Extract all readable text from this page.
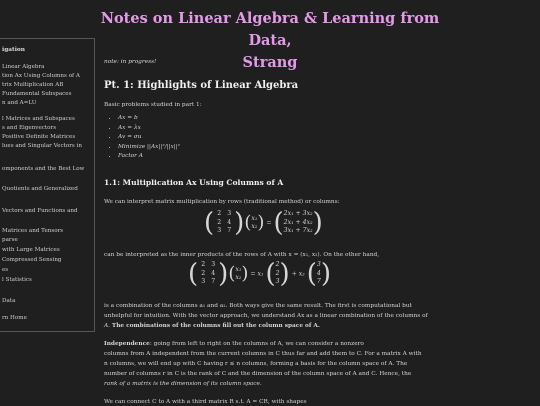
Notes on Linear Algebra & Learning from Data,
Strang
igation
Linear Algebra
tion Ax Using Columns of A
trix Multiplication AB
Fundamental Subspaces
n and A=LU
l Matrices and Subspaces
s and Eigenvectors
Positive Definite Matrices
lues and Singular Vectors in
omponents and the Best Low
Quotients and Generalized
Vectors and Functions and
Matrices and Tensors
parse
with Large Matrices
Compressed Sensing
es
l Statistics
Data
rn Home
note: in progress!
Pt. 1: Highlights of Linear Algebra
Basic problems studied in part 1:
• Ax = b
• Ax = λx
• Av = σu
• Minimize ||Ax||²/||x||²
• Factor A
1.1: Multiplication Ax Using Columns of A
We can interpret matrix multiplication by rows (traditional method) or columns:
( 2 3
2 4
3 7 )( x₁
x₂ ) = ( 2x₁ + 3x₂
2x₁ + 4x₂
3x₁ + 7x₂ )
can be interpreted as the inner products of the rows of A with x = (x₁, x₂). On the other hand,
( 2 3
2 4
3 7 )( x₁
x₂ ) = x₁ ( 2
2
3 ) + x₂ ( 3
4
7 )
is a combination of the columns a₁ and a₂. Both ways give the same result. The first is computational but
unhelpful for intuition. With the vector approach, we understand Ax as a linear combination of the columns of
A. The combinations of the columns fill out the column space of A.
Independence: going from left to right on the columns of A, we can consider a nonzero
columns from A independent from the current columns in C thus far and add them to C. For a matrix A with
n columns, we will end up with C having r ≤ n columns, forming a basis for the column space of A. The
number of columns r in C is the rank of C and the dimension of the column space of A and C. Hence, the
rank of a matrix is the dimension of its column space.
We can connect C to A with a third matrix R s.t. A = CR, with shapes
